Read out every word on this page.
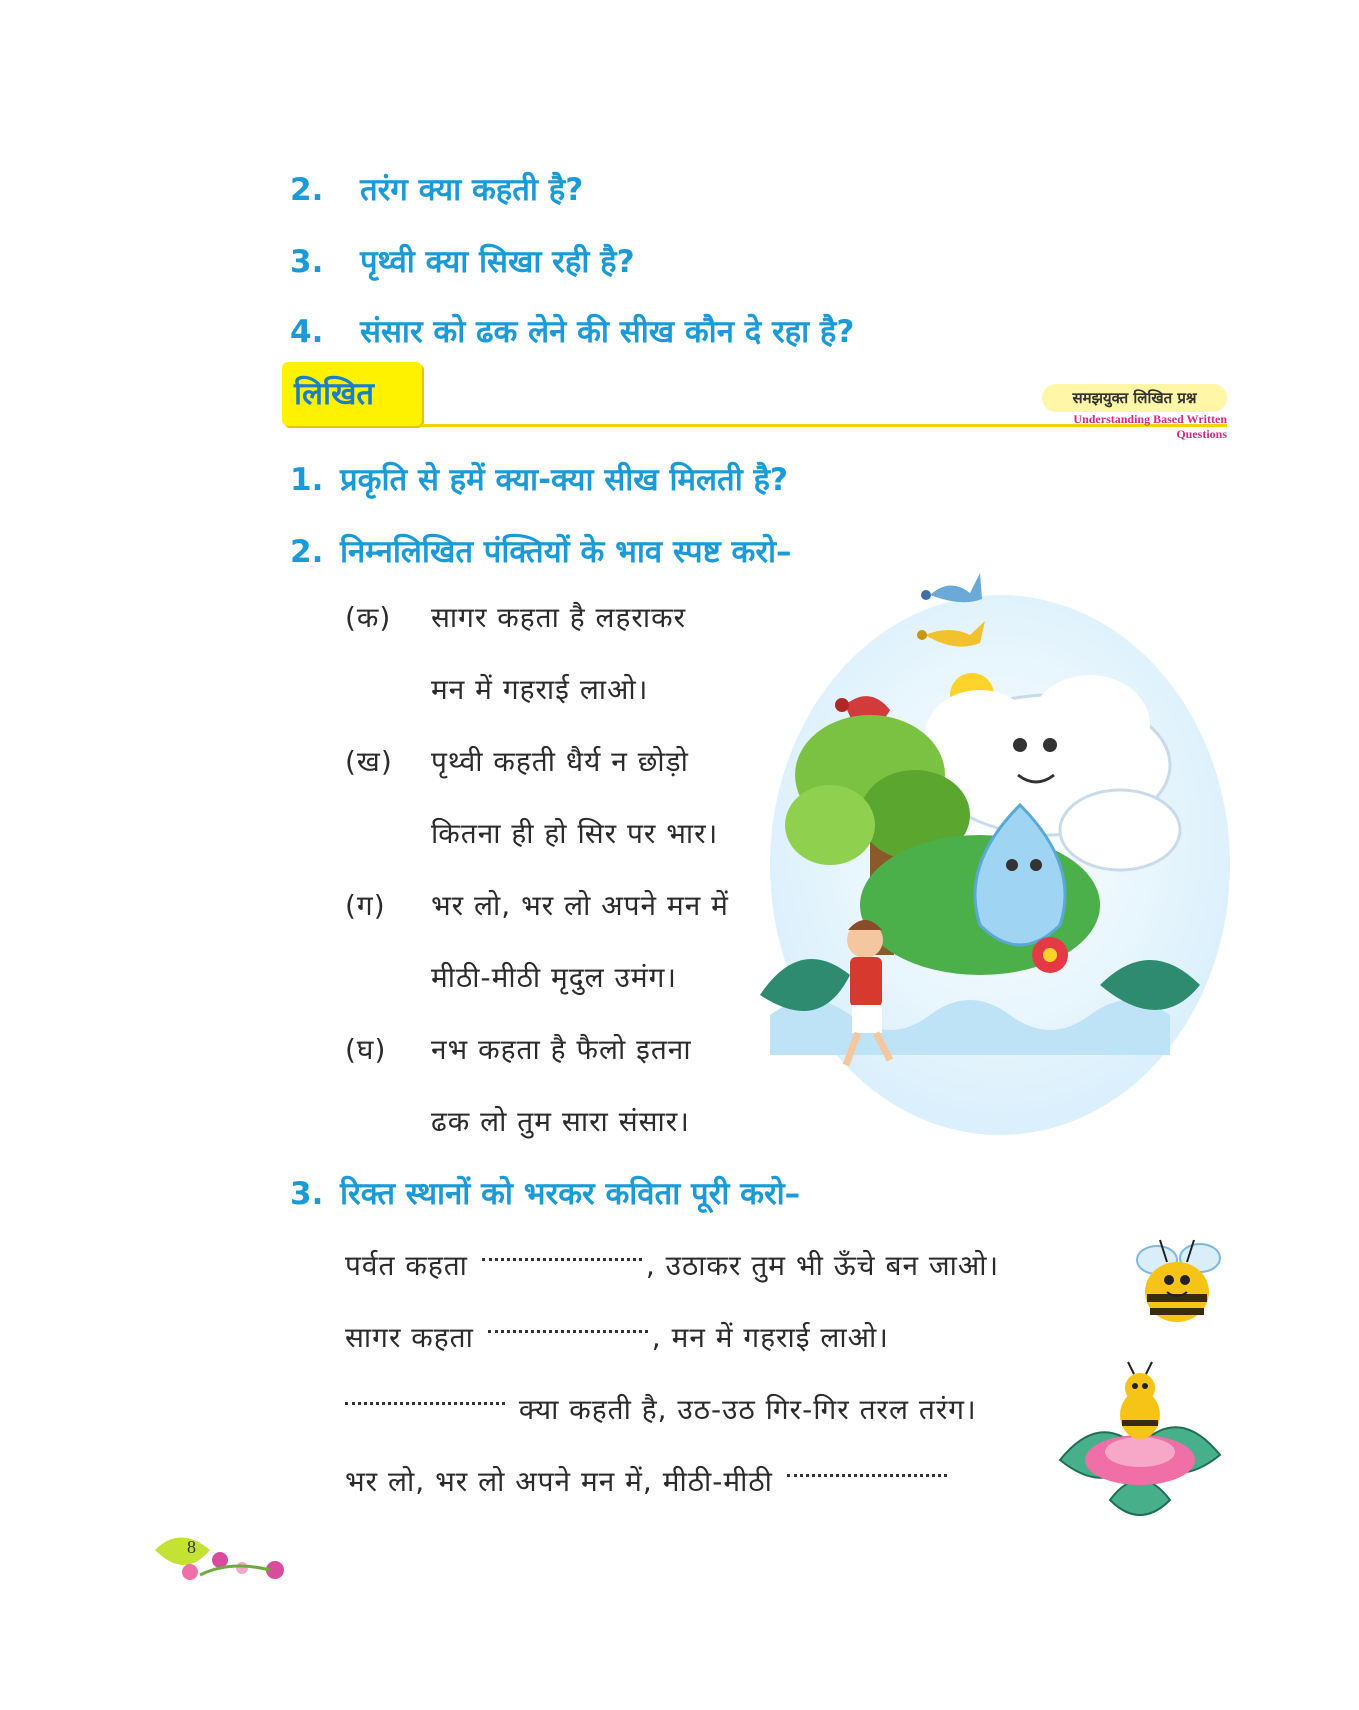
2. तरंग क्या कहती है?
3. पृथ्वी क्या सिखा रही है?
4. संसार को ढक लेने की सीख कौन दे रहा है?
लिखित	समझयुक्त लिखित प्रश्न
Understanding Based Written Questions
1. प्रकृति से हमें क्या-क्या सीख मिलती है?
2. निम्नलिखित पंक्तियों के भाव स्पष्ट करो–
(क) सागर कहता है लहराकर
मन में गहराई लाओ।
(ख) पृथ्वी कहती धैर्य न छोड़ो
कितना ही हो सिर पर भार।
(ग) भर लो, भर लो अपने मन में
मीठी-मीठी मृदुल उमंग।
(घ) नभ कहता है फैलो इतना
ढक लो तुम सारा संसार।
3. रिक्त स्थानों को भरकर कविता पूरी करो–
पर्वत कहता	, उठाकर तुम भी ऊँचे बन जाओ।
सागर कहता	, मन में गहराई लाओ।
क्या कहती है, उठ-उठ गिर-गिर तरल तरंग।
भर लो, भर लो अपने मन में, मीठी-मीठी
8
